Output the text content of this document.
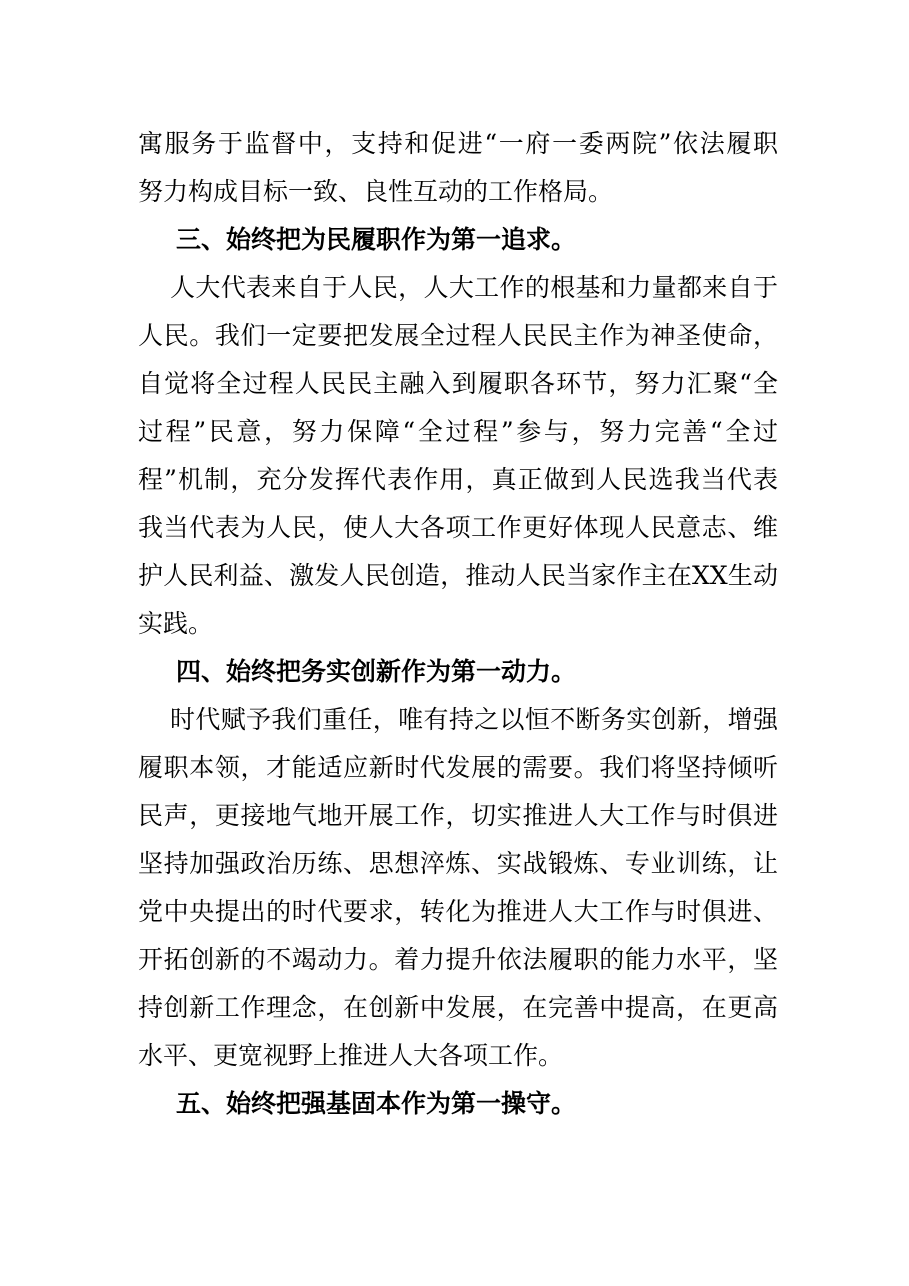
寓服务于监督中，支持和促进“一府一委两院”依法履职
努力构成目标一致、良性互动的工作格局。
三、始终把为民履职作为第一追求。
人大代表来自于人民，人大工作的根基和力量都来自于
人民。我们一定要把发展全过程人民民主作为神圣使命，
自觉将全过程人民民主融入到履职各环节，努力汇聚“全
过程”民意，努力保障“全过程”参与，努力完善“全过
程”机制，充分发挥代表作用，真正做到人民选我当代表
我当代表为人民，使人大各项工作更好体现人民意志、维
护人民利益、激发人民创造，推动人民当家作主在XX生动
实践。
四、始终把务实创新作为第一动力。
时代赋予我们重任，唯有持之以恒不断务实创新，增强
履职本领，才能适应新时代发展的需要。我们将坚持倾听
民声，更接地气地开展工作，切实推进人大工作与时俱进
坚持加强政治历练、思想淬炼、实战锻炼、专业训练，让
党中央提出的时代要求，转化为推进人大工作与时俱进、
开拓创新的不竭动力。着力提升依法履职的能力水平，坚
持创新工作理念，在创新中发展，在完善中提高，在更高
水平、更宽视野上推进人大各项工作。
五、始终把强基固本作为第一操守。
